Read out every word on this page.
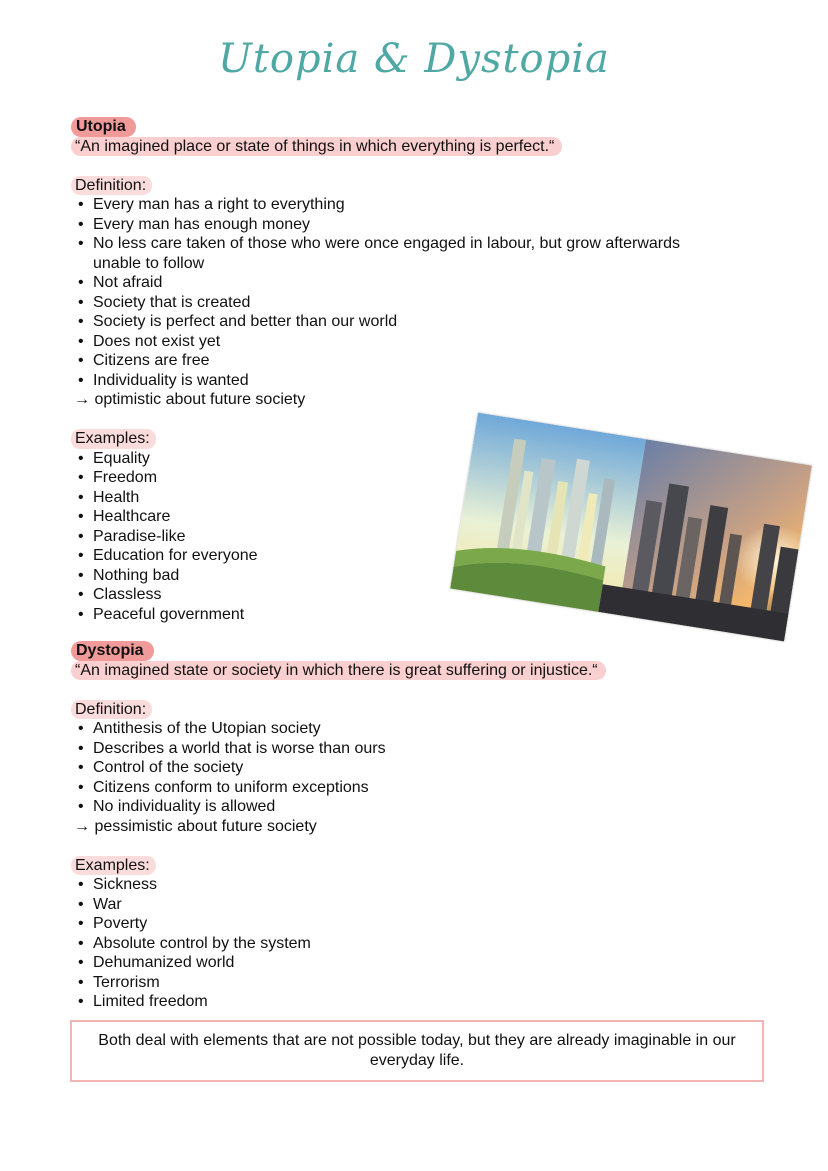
Utopia & Dystopia
Utopia
“An imagined place or state of things in which everything is perfect.“
Definition:
• Every man has a right to everything
• Every man has enough money
• No less care taken of those who were once engaged in labour, but grow afterwards unable to follow
• Not afraid
• Society that is created
• Society is perfect and better than our world
• Does not exist yet
• Citizens are free
• Individuality is wanted
→ optimistic about future society
Examples:
• Equality
• Freedom
• Health
• Healthcare
• Paradise-like
• Education for everyone
• Nothing bad
• Classless
• Peaceful government
Dystopia
“An imagined state or society in which there is great suffering or injustice.“
Definition:
• Antithesis of the Utopian society
• Describes a world that is worse than ours
• Control of the society
• Citizens conform to uniform exceptions
• No individuality is allowed
→ pessimistic about future society
Examples:
• Sickness
• War
• Poverty
• Absolute control by the system
• Dehumanized world
• Terrorism
• Limited freedom
Both deal with elements that are not possible today, but they are already imaginable in our everyday life.
